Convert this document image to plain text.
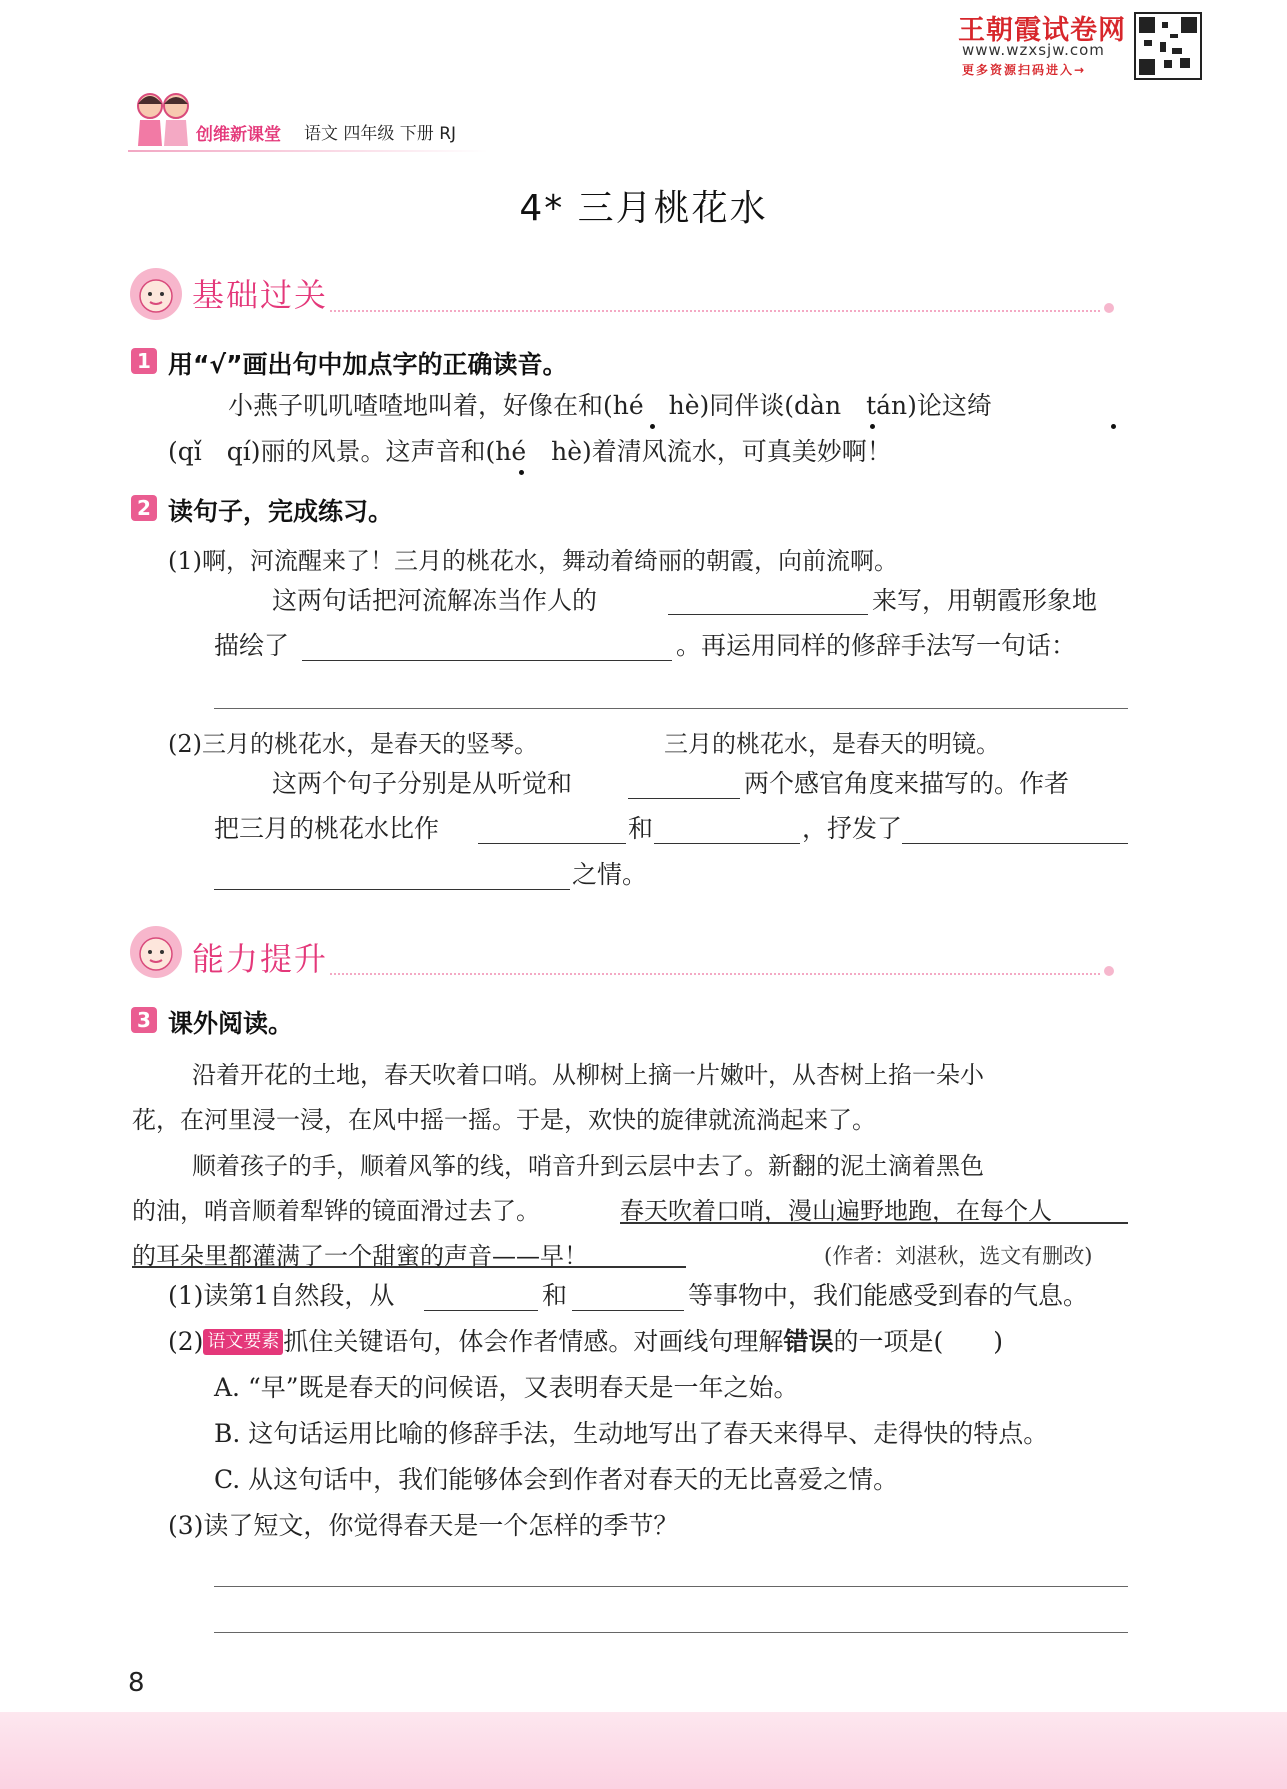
王朝霞试卷网
www.wzxsjw.com
更多资源扫码进入→
创维新课堂 语文 四年级 下册 RJ
4* 三月桃花水
基础过关
1 用“√”画出句中加点字的正确读音。
小燕子叽叽喳喳地叫着，好像在和(hé　hè)同伴谈(dàn　tán)论这绮
(qǐ　qí)丽的风景。这声音和(hé　hè)着清风流水，可真美妙啊！
2 读句子，完成练习。
(1)啊，河流醒来了！三月的桃花水，舞动着绮丽的朝霞，向前流啊。
这两句话把河流解冻当作人的	来写，用朝霞形象地
描绘了	。再运用同样的修辞手法写一句话：
(2)三月的桃花水，是春天的竖琴。	三月的桃花水，是春天的明镜。
这两个句子分别是从听觉和	两个感官角度来描写的。作者
把三月的桃花水比作	和	，抒发了
之情。
能力提升
3 课外阅读。
沿着开花的土地，春天吹着口哨。从柳树上摘一片嫩叶，从杏树上掐一朵小
花，在河里浸一浸，在风中摇一摇。于是，欢快的旋律就流淌起来了。
顺着孩子的手，顺着风筝的线，哨音升到云层中去了。新翻的泥土滴着黑色
的油，哨音顺着犁铧的镜面滑过去了。	春天吹着口哨，漫山遍野地跑，在每个人
的耳朵里都灌满了一个甜蜜的声音——早！	(作者：刘湛秋，选文有删改)
(1)读第1自然段，从	和	等事物中，我们能感受到春的气息。
(2) 语文要素 抓住关键语句，体会作者情感。对画线句理解错误的一项是(　　)
A. “早”既是春天的问候语，又表明春天是一年之始。
B. 这句话运用比喻的修辞手法，生动地写出了春天来得早、走得快的特点。
C. 从这句话中，我们能够体会到作者对春天的无比喜爱之情。
(3)读了短文，你觉得春天是一个怎样的季节？
8
